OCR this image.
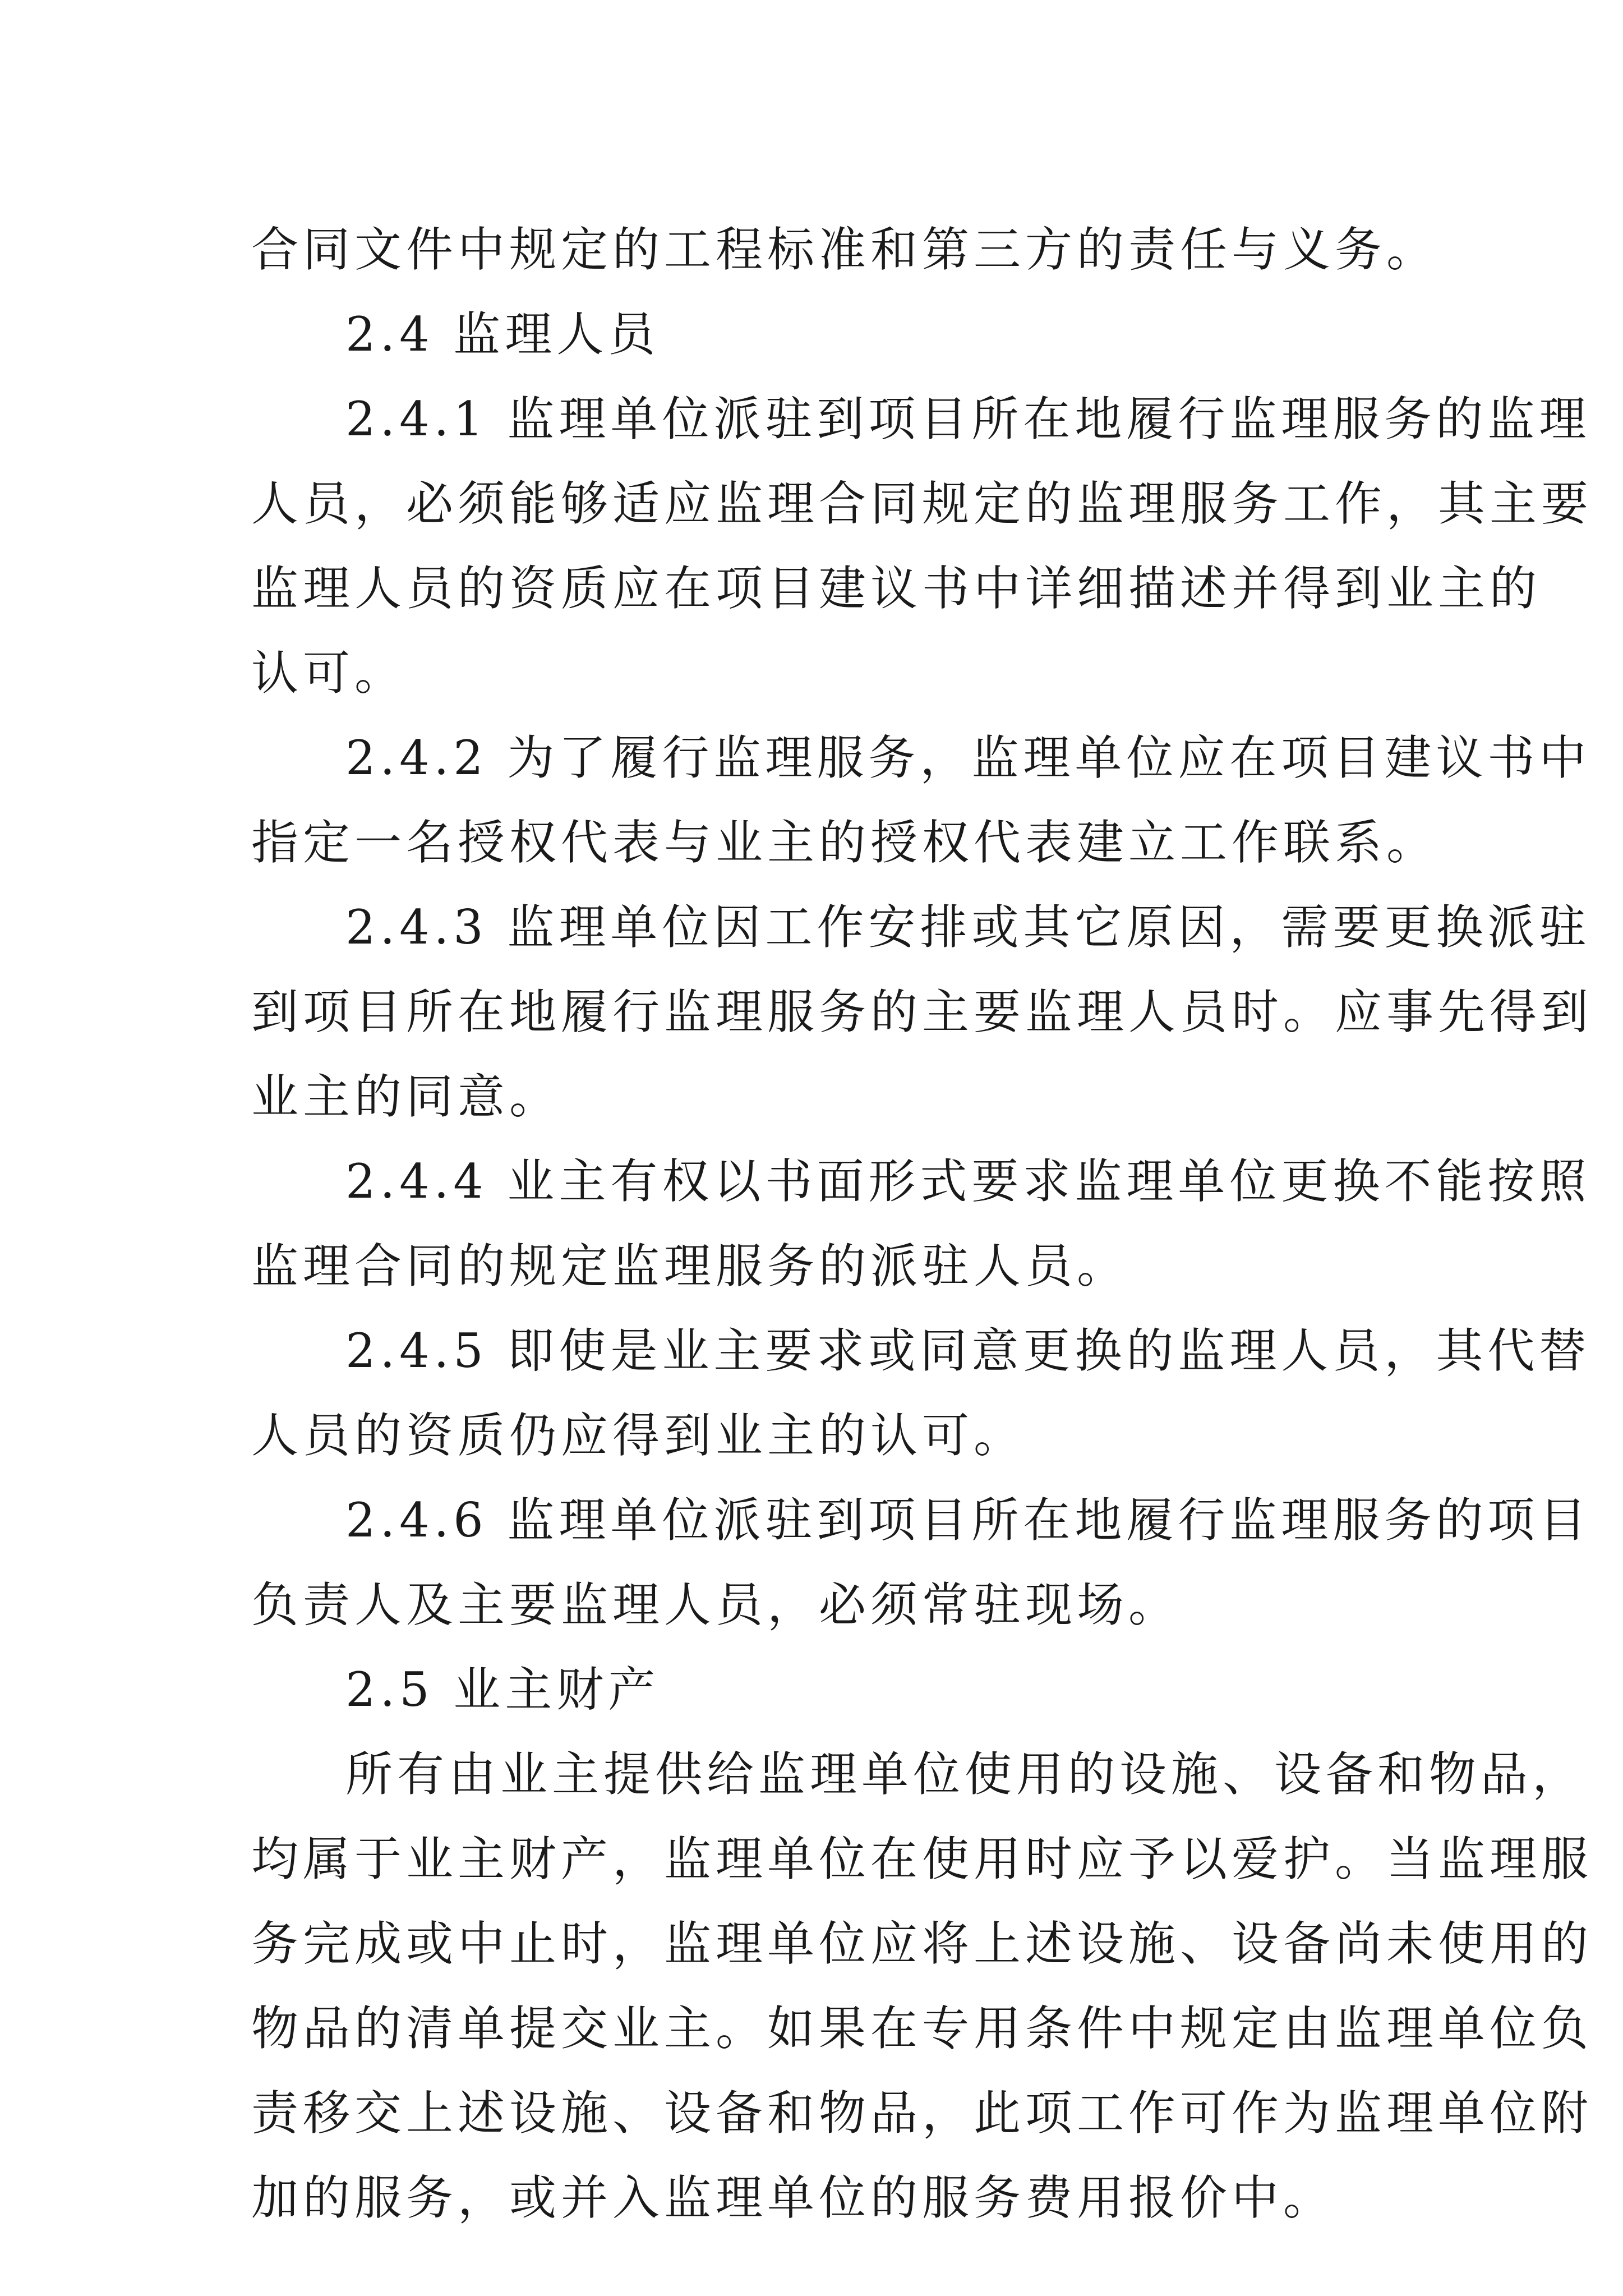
合同文件中规定的工程标准和第三方的责任与义务。
2.4 监理人员
2.4.1 监理单位派驻到项目所在地履行监理服务的监理
人员，必须能够适应监理合同规定的监理服务工作，其主要
监理人员的资质应在项目建议书中详细描述并得到业主的
认可。
2.4.2 为了履行监理服务，监理单位应在项目建议书中
指定一名授权代表与业主的授权代表建立工作联系。
2.4.3 监理单位因工作安排或其它原因，需要更换派驻
到项目所在地履行监理服务的主要监理人员时。应事先得到
业主的同意。
2.4.4 业主有权以书面形式要求监理单位更换不能按照
监理合同的规定监理服务的派驻人员。
2.4.5 即使是业主要求或同意更换的监理人员，其代替
人员的资质仍应得到业主的认可。
2.4.6 监理单位派驻到项目所在地履行监理服务的项目
负责人及主要监理人员，必须常驻现场。
2.5 业主财产
所有由业主提供给监理单位使用的设施、设备和物品，
均属于业主财产，监理单位在使用时应予以爱护。当监理服
务完成或中止时，监理单位应将上述设施、设备尚未使用的
物品的清单提交业主。如果在专用条件中规定由监理单位负
责移交上述设施、设备和物品，此项工作可作为监理单位附
加的服务，或并入监理单位的服务费用报价中。
